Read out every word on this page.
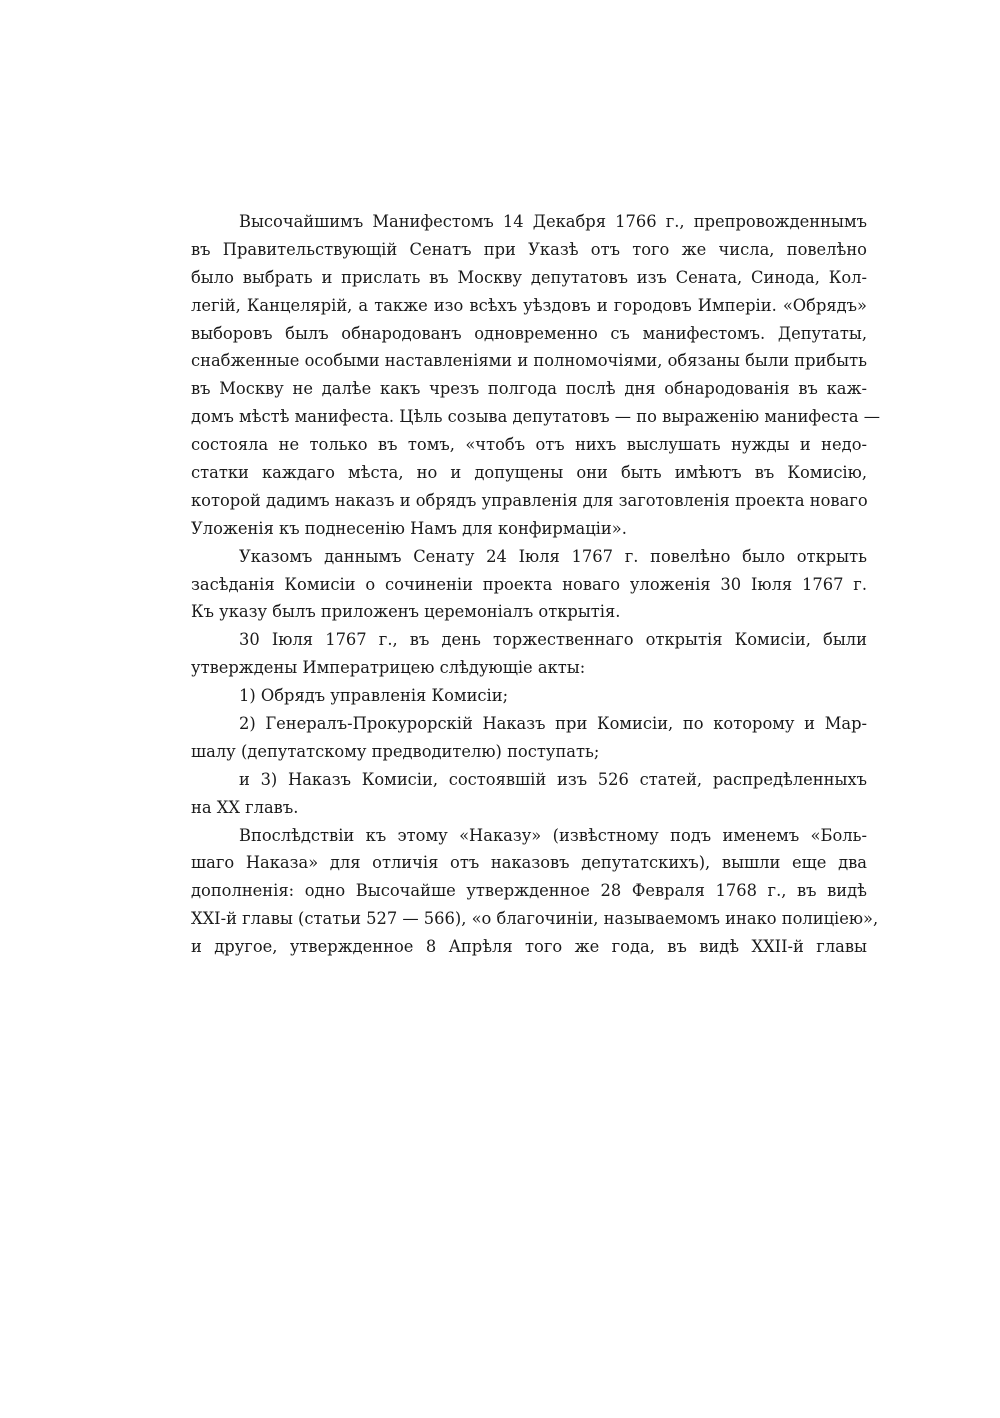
Высочайшимъ Манифестомъ 14 Декабря 1766 г., препровожденнымъ
въ Правительствующій Сенатъ при Указѣ отъ того же числа, повелѣно
было выбрать и прислать въ Москву депутатовъ изъ Сената, Синода, Кол-
легій, Канцелярій, а также изо всѣхъ уѣздовъ и городовъ Имперіи. «Обрядъ»
выборовъ былъ обнародованъ одновременно съ манифестомъ. Депутаты,
снабженные особыми наставленіями и полномочіями, обязаны были прибыть
въ Москву не далѣе какъ чрезъ полгода послѣ дня обнародованія въ каж-
домъ мѣстѣ манифеста. Цѣль созыва депутатовъ — по выраженію манифеста —
состояла не только въ томъ, «чтобъ отъ нихъ выслушать нужды и недо-
статки каждаго мѣста, но и допущены они быть имѣютъ въ Комисію,
которой дадимъ наказъ и обрядъ управленія для заготовленія проекта новаго
Уложенія къ поднесенію Намъ для конфирмаціи».
Указомъ даннымъ Сенату 24 Іюля 1767 г. повелѣно было открыть
засѣданія Комисіи о сочиненіи проекта новаго уложенія 30 Іюля 1767 г.
Къ указу былъ приложенъ церемоніалъ открытія.
30 Іюля 1767 г., въ день торжественнаго открытія Комисіи, были
утверждены Императрицею слѣдующіе акты:
1) Обрядъ управленія Комисіи;
2) Генералъ-Прокурорскій Наказъ при Комисіи, по которому и Мар-
шалу (депутатскому предводителю) поступать;
и 3) Наказъ Комисіи, состоявшій изъ 526 статей, распредѣленныхъ
на XX главъ.
Впослѣдствіи къ этому «Наказу» (извѣстному подъ именемъ «Боль-
шаго Наказа» для отличія отъ наказовъ депутатскихъ), вышли еще два
дополненія: одно Высочайше утвержденное 28 Февраля 1768 г., въ видѣ
XXI-й главы (статьи 527 — 566), «о благочиніи, называемомъ инако полиціею»,
и другое, утвержденное 8 Апрѣля того же года, въ видѣ XXII-й главы
